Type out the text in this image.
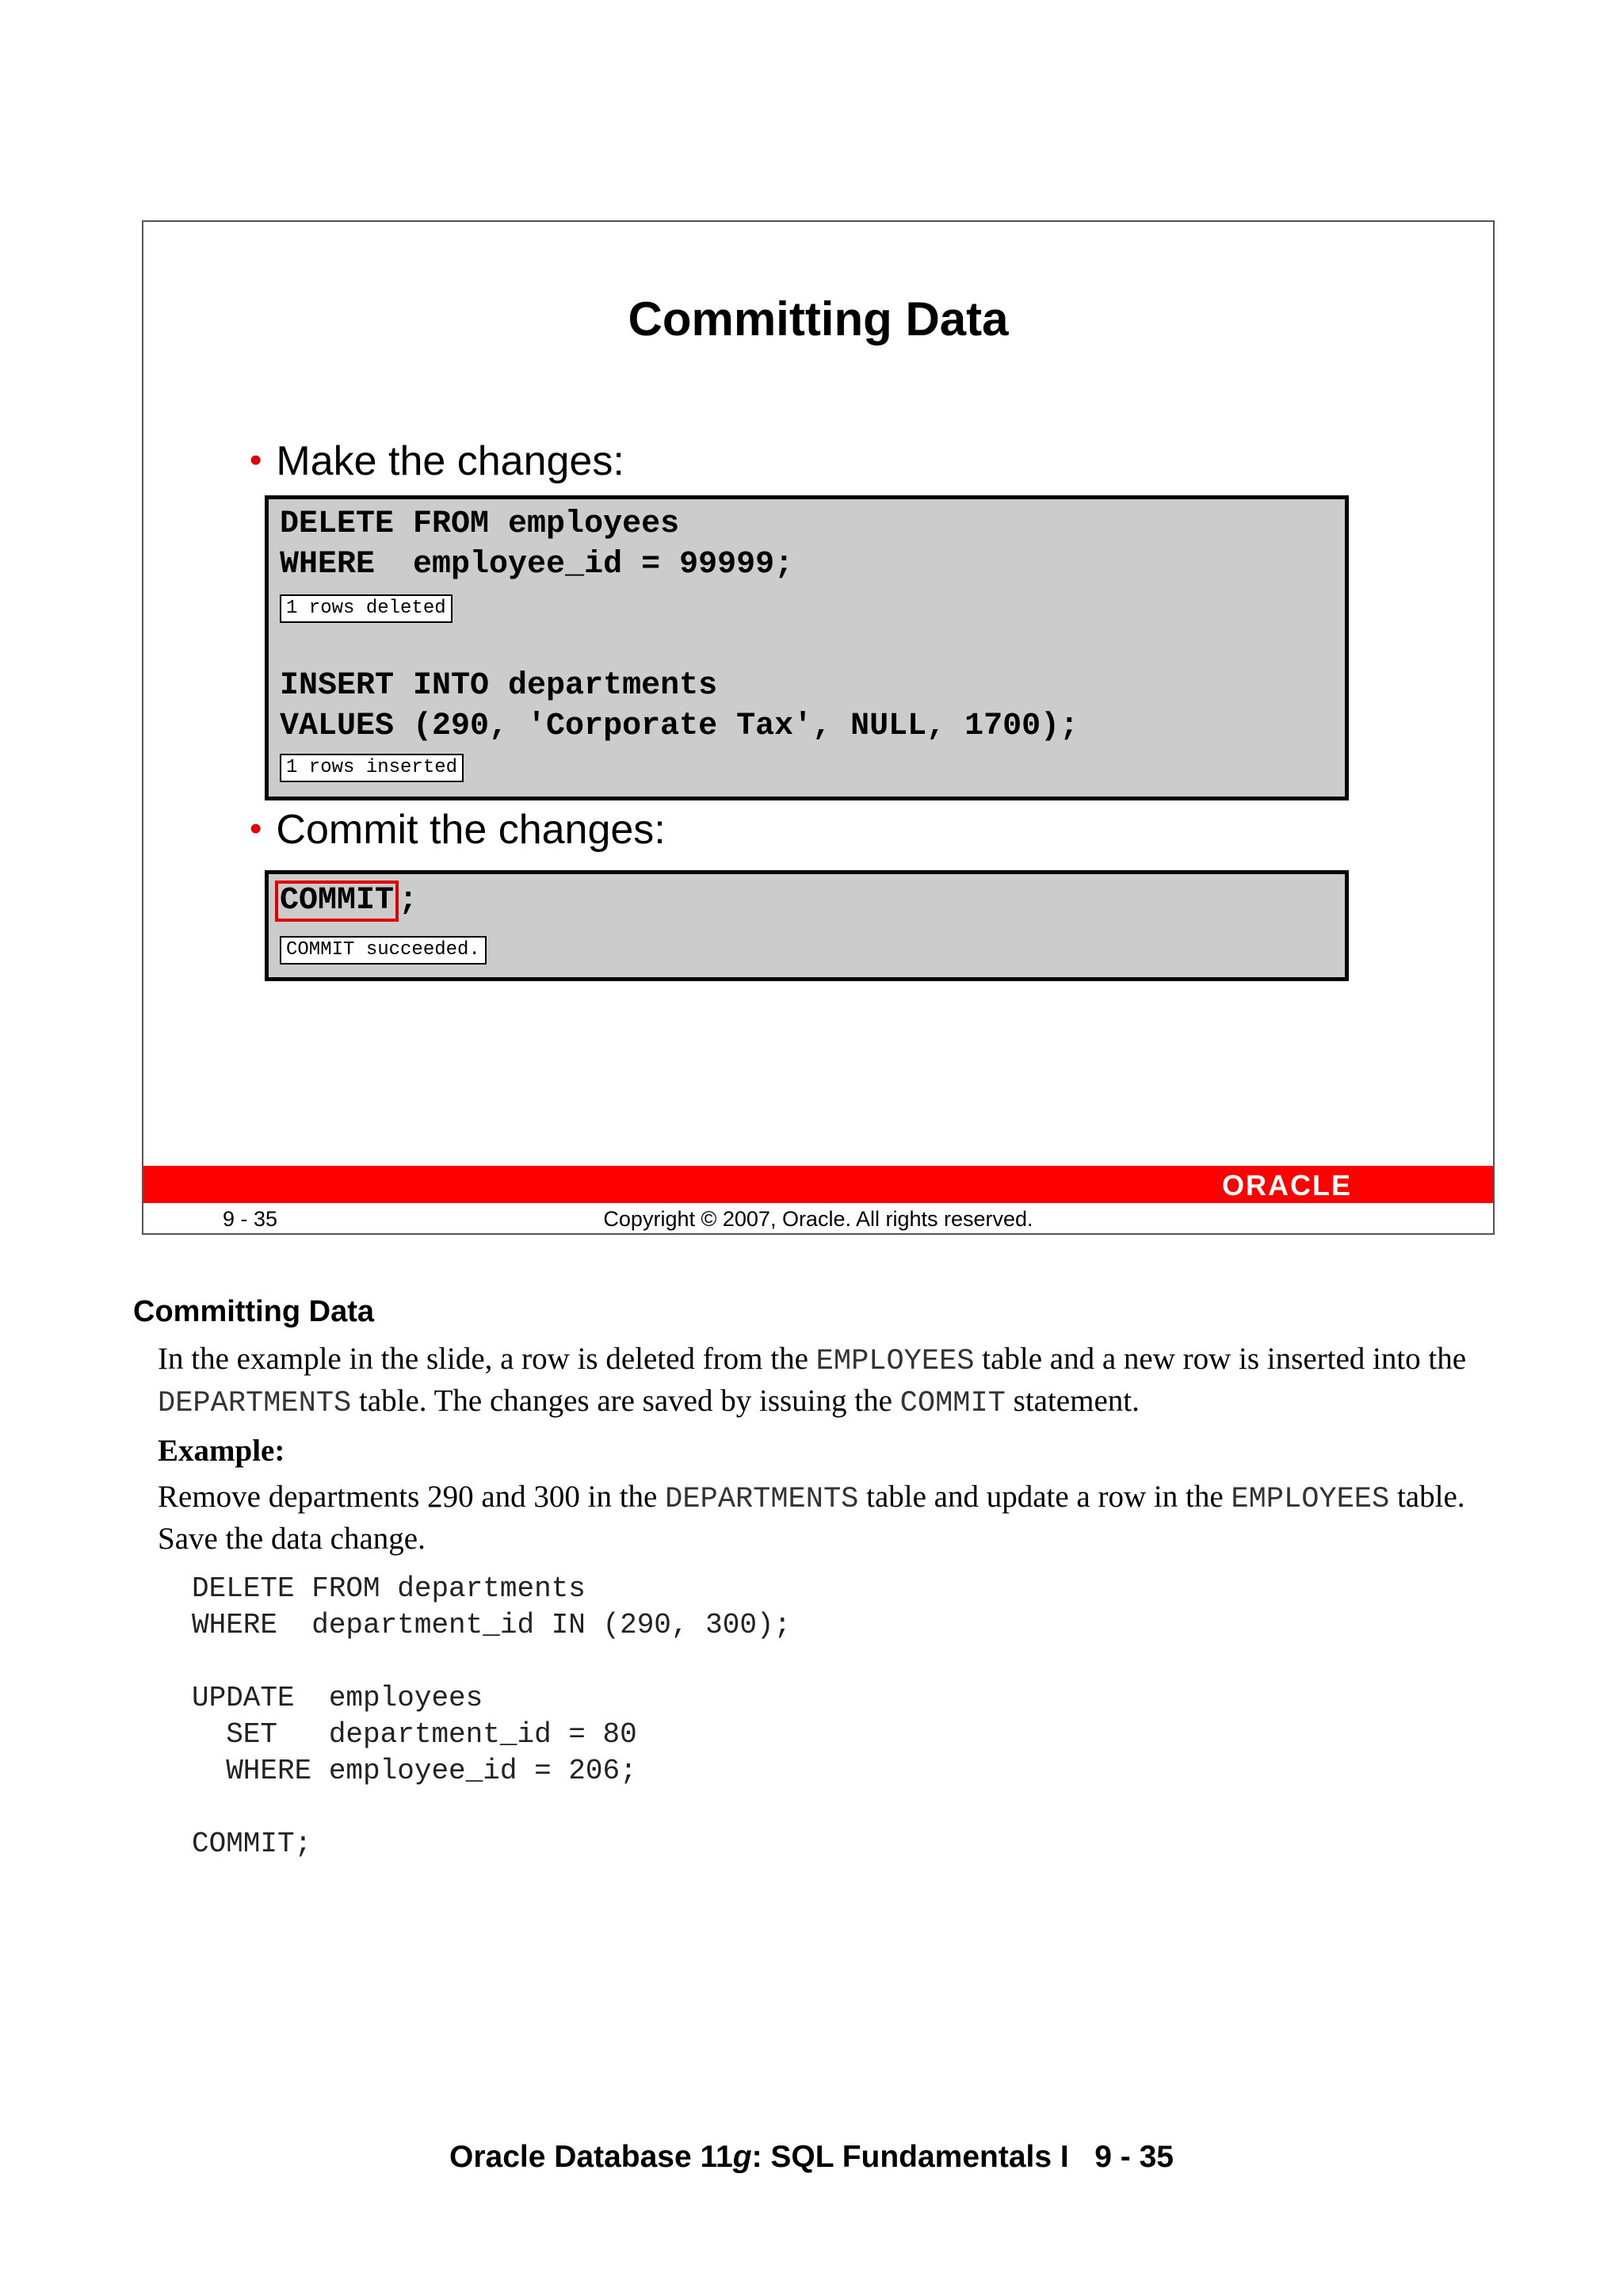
Committing Data
• Make the changes:
DELETE FROM employees
WHERE  employee_id = 99999;
1 rows deleted
INSERT INTO departments
VALUES (290, 'Corporate Tax', NULL, 1700);
1 rows inserted
• Commit the changes:
COMMIT ;
COMMIT succeeded.
ORACLE
9 - 35	Copyright © 2007, Oracle. All rights reserved.
Committing Data
In the example in the slide, a row is deleted from the EMPLOYEES table and a new row is inserted into the DEPARTMENTS table. The changes are saved by issuing the COMMIT statement.
Example:
Remove departments 290 and 300 in the DEPARTMENTS table and update a row in the EMPLOYEES table. Save the data change.
DELETE FROM departments
WHERE  department_id IN (290, 300);

UPDATE  employees
SET   department_id = 80
WHERE employee_id = 206;

COMMIT;
Oracle Database 11g: SQL Fundamentals I   9 - 35
